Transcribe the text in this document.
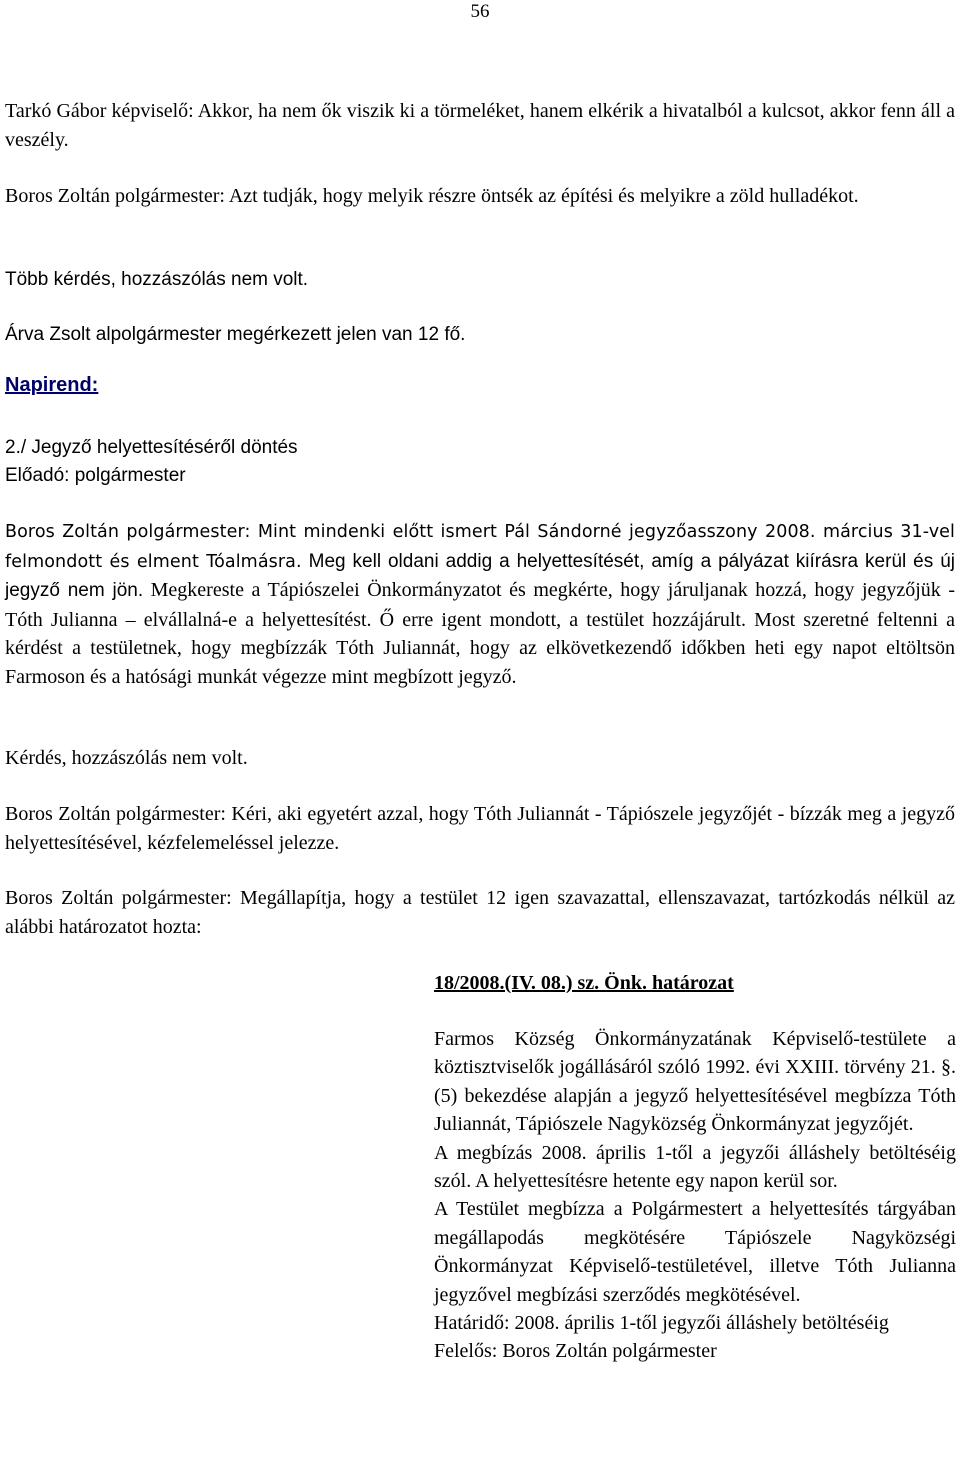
56
Tarkó Gábor képviselő: Akkor, ha nem ők viszik ki a törmeléket, hanem elkérik a hivatalból a kulcsot, akkor fenn áll a veszély.
Boros Zoltán polgármester: Azt tudják, hogy melyik részre öntsék az építési és melyikre a zöld hulladékot.
Több kérdés, hozzászólás nem volt.
Árva Zsolt alpolgármester megérkezett jelen van 12 fő.
Napirend:
2./ Jegyző helyettesítéséről döntés
Előadó: polgármester
Boros Zoltán polgármester: Mint mindenki előtt ismert Pál Sándorné jegyzőasszony 2008. március 31-vel felmondott és elment Tóalmásra. Meg kell oldani addig a helyettesítését, amíg a pályázat kiírásra kerül és új jegyző nem jön. Megkereste a Tápiószelei Önkormányzatot és megkérte, hogy járuljanak hozzá, hogy jegyzőjük - Tóth Julianna – elvállalná-e a helyettesítést. Ő erre igent mondott, a testület hozzájárult. Most szeretné feltenni a kérdést a testületnek, hogy megbízzák Tóth Juliannát, hogy az elkövetkezendő időkben heti egy napot eltöltsön Farmoson és a hatósági munkát végezze mint megbízott jegyző.
Kérdés, hozzászólás nem volt.
Boros Zoltán polgármester: Kéri, aki egyetért azzal, hogy Tóth Juliannát - Tápiószele jegyzőjét - bízzák meg a jegyző helyettesítésével, kézfelemeléssel jelezze.
Boros Zoltán polgármester: Megállapítja, hogy a testület 12 igen szavazattal, ellenszavazat, tartózkodás nélkül az alábbi határozatot hozta:
18/2008.(IV. 08.) sz. Önk. határozat

Farmos Község Önkormányzatának Képviselő-testülete a köztisztviselők jogállásáról szóló 1992. évi XXIII. törvény 21. §. (5) bekezdése alapján a jegyző helyettesítésével megbízza Tóth Juliannát, Tápiószele Nagyközség Önkormányzat jegyzőjét.

A megbízás 2008. április 1-től a jegyzői álláshely betöltéséig szól. A helyettesítésre hetente egy napon kerül sor.

A Testület megbízza a Polgármestert a helyettesítés tárgyában megállapodás megkötésére Tápiószele Nagyközségi Önkormányzat Képviselő-testületével, illetve Tóth Julianna jegyzővel megbízási szerződés megkötésével.

Határidő: 2008. április 1-től jegyzői álláshely betöltéséig

Felelős: Boros Zoltán polgármester
